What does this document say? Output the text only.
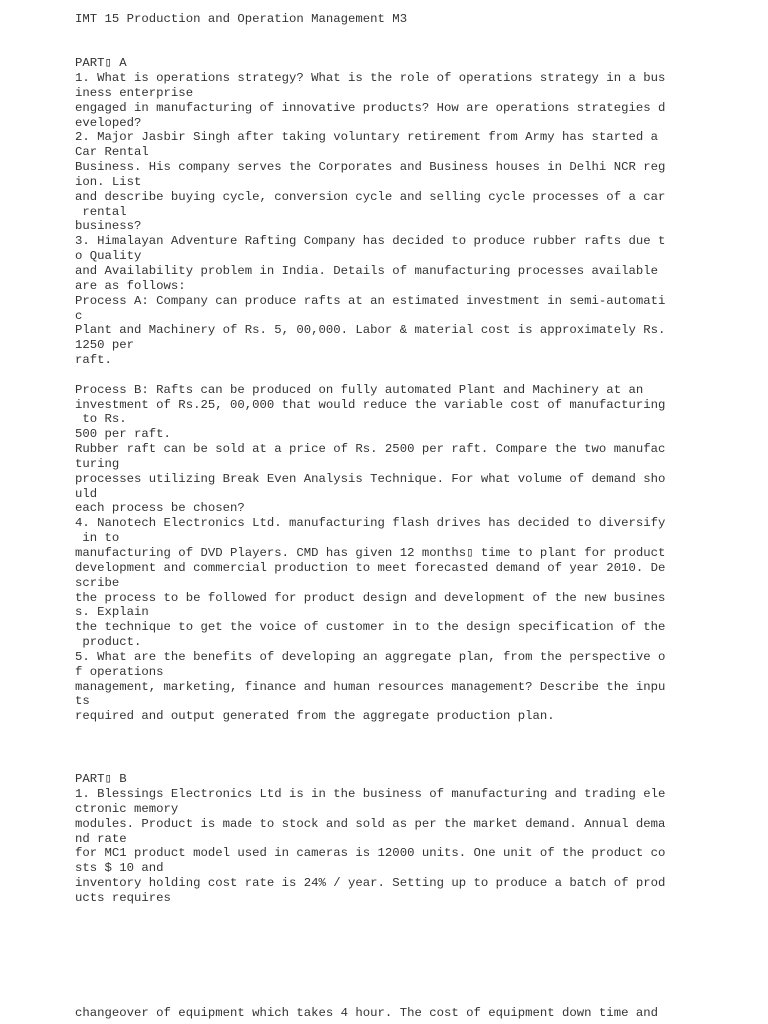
IMT 15 Production and Operation Management M3

PART▯ A

1. What is operations strategy? What is the role of operations strategy in a bus
iness enterprise
engaged in manufacturing of innovative products? How are operations strategies d
eveloped?
2. Major Jasbir Singh after taking voluntary retirement from Army has started a
Car Rental
Business. His company serves the Corporates and Business houses in Delhi NCR reg
ion. List
and describe buying cycle, conversion cycle and selling cycle processes of a car
rental
business?
3. Himalayan Adventure Rafting Company has decided to produce rubber rafts due t
o Quality
and Availability problem in India. Details of manufacturing processes available
are as follows:
Process A: Company can produce rafts at an estimated investment in semi-automati
c
Plant and Machinery of Rs. 5, 00,000. Labor & material cost is approximately Rs.
1250 per
raft.
Process B: Rafts can be produced on fully automated Plant and Machinery at an
investment of Rs.25, 00,000 that would reduce the variable cost of manufacturing
to Rs.
500 per raft.
Rubber raft can be sold at a price of Rs. 2500 per raft. Compare the two manufac
turing
processes utilizing Break Even Analysis Technique. For what volume of demand sho
uld
each process be chosen?
4. Nanotech Electronics Ltd. manufacturing flash drives has decided to diversify
in to
manufacturing of DVD Players. CMD has given 12 months▯ time to plant for product
development and commercial production to meet forecasted demand of year 2010. De
scribe
the process to be followed for product design and development of the new busines
s. Explain
the technique to get the voice of customer in to the design specification of the
product.
5. What are the benefits of developing an aggregate plan, from the perspective o
f operations
management, marketing, finance and human resources management? Describe the inpu
ts
required and output generated from the aggregate production plan.

PART▯ B

1. Blessings Electronics Ltd is in the business of manufacturing and trading ele
ctronic memory
modules. Product is made to stock and sold as per the market demand. Annual dema
nd rate
for MC1 product model used in cameras is 12000 units. One unit of the product co
sts $ 10 and
inventory holding cost rate is 24% / year. Setting up to produce a batch of prod
ucts requires

changeover of equipment which takes 4 hour. The cost of equipment down time and
